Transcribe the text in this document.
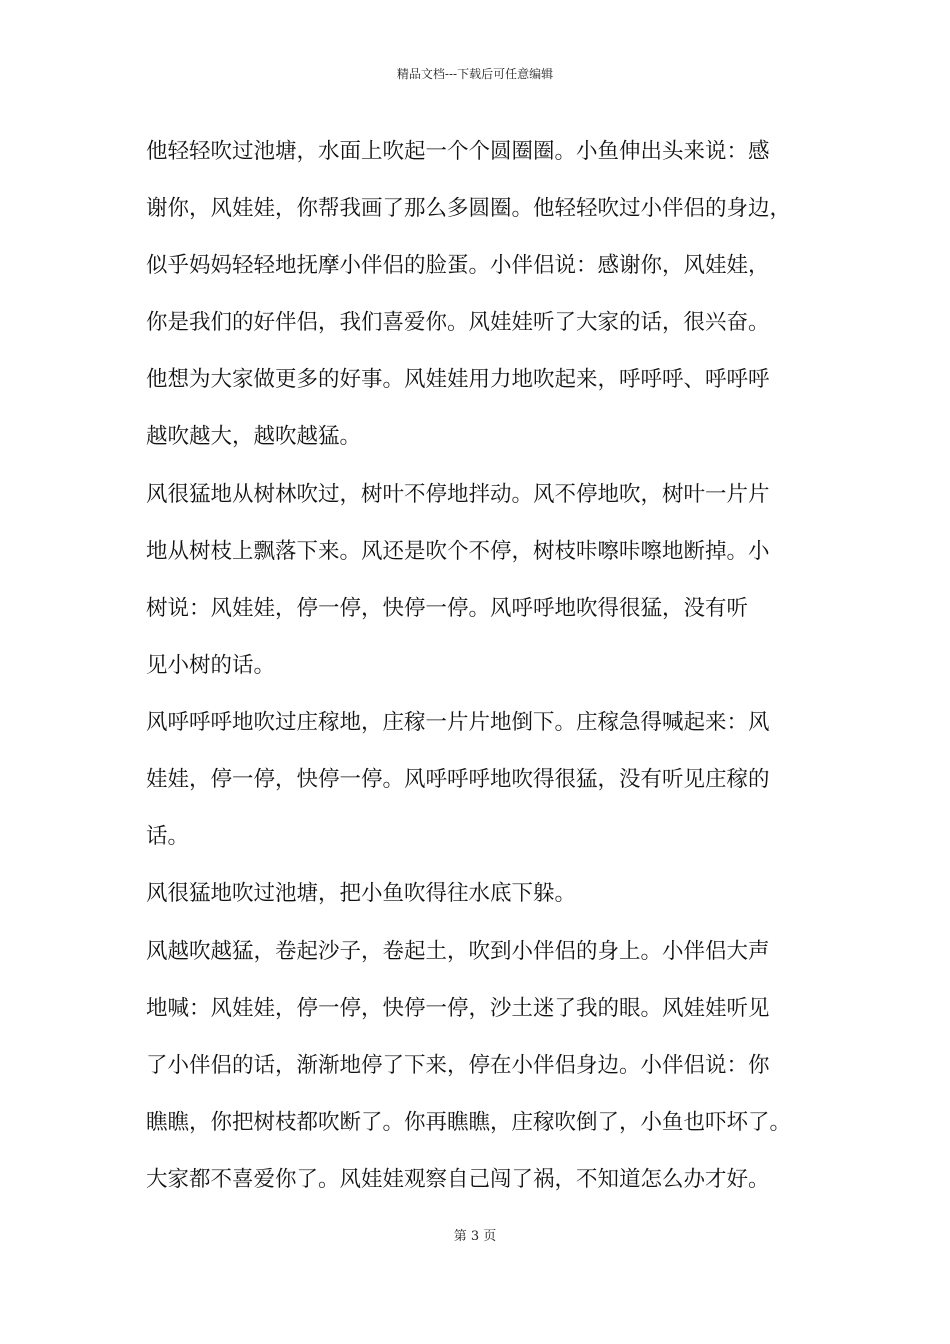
精品文档---下载后可任意编辑
他轻轻吹过池塘，水面上吹起一个个圆圈圈。小鱼伸出头来说：感
谢你，风娃娃，你帮我画了那么多圆圈。他轻轻吹过小伴侣的身边，
似乎妈妈轻轻地抚摩小伴侣的脸蛋。小伴侣说：感谢你，风娃娃，
你是我们的好伴侣，我们喜爱你。风娃娃听了大家的话，很兴奋。
他想为大家做更多的好事。风娃娃用力地吹起来，呼呼呼、呼呼呼
越吹越大，越吹越猛。
风很猛地从树林吹过，树叶不停地拌动。风不停地吹，树叶一片片
地从树枝上飘落下来。风还是吹个不停，树枝咔嚓咔嚓地断掉。小
树说：风娃娃，停一停，快停一停。风呼呼地吹得很猛，没有听
见小树的话。
风呼呼呼地吹过庄稼地，庄稼一片片地倒下。庄稼急得喊起来：风
娃娃，停一停，快停一停。风呼呼呼地吹得很猛，没有听见庄稼的
话。
风很猛地吹过池塘，把小鱼吹得往水底下躲。
风越吹越猛，卷起沙子，卷起土，吹到小伴侣的身上。小伴侣大声
地喊：风娃娃，停一停，快停一停，沙土迷了我的眼。风娃娃听见
了小伴侣的话，渐渐地停了下来，停在小伴侣身边。小伴侣说：你
瞧瞧，你把树枝都吹断了。你再瞧瞧，庄稼吹倒了，小鱼也吓坏了。
大家都不喜爱你了。风娃娃观察自己闯了祸，不知道怎么办才好。
第 3 页
